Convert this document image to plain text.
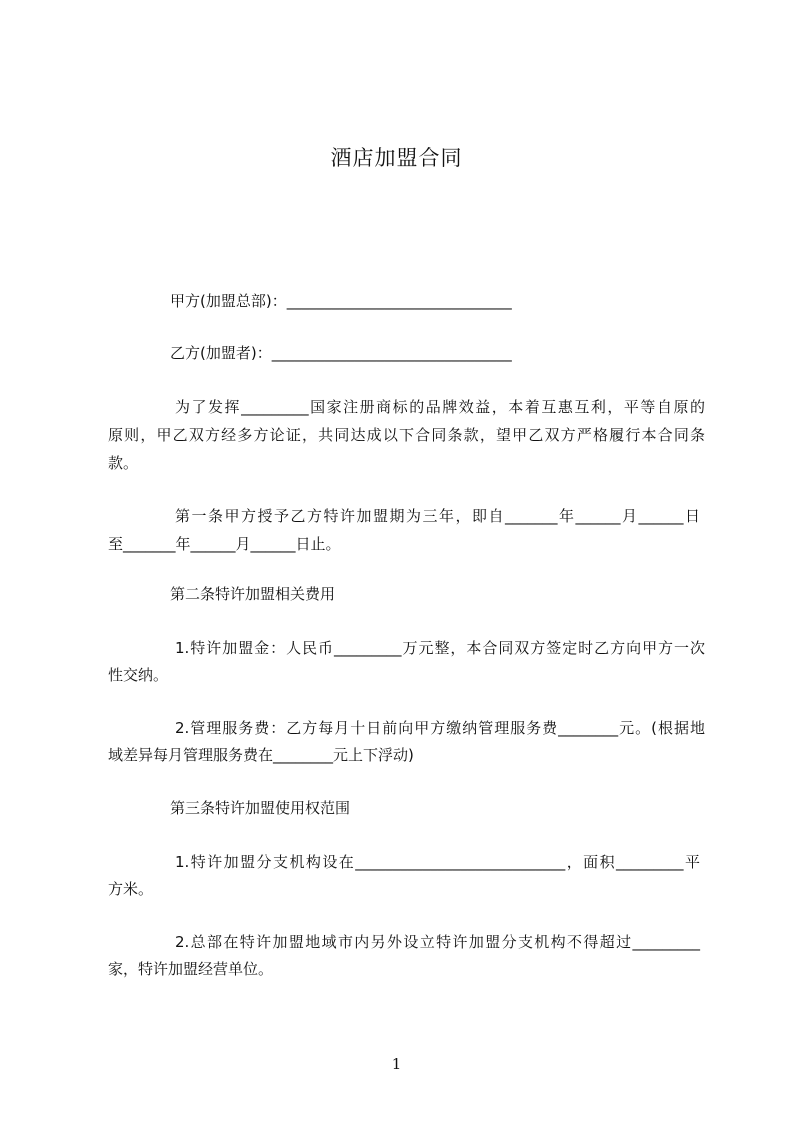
酒店加盟合同
甲方(加盟总部)：______________________________
乙方(加盟者)：________________________________
为了发挥_________国家注册商标的品牌效益，本着互惠互利，平等自原的
原则，甲乙双方经多方论证，共同达成以下合同条款，望甲乙双方严格履行本合同条
款。
第一条甲方授予乙方特许加盟期为三年，即自_______年______月______日
至_______年______月______日止。
第二条特许加盟相关费用
1.特许加盟金：人民币_________万元整，本合同双方签定时乙方向甲方一次
性交纳。
2.管理服务费：乙方每月十日前向甲方缴纳管理服务费________元。(根据地
域差异每月管理服务费在________元上下浮动)
第三条特许加盟使用权范围
1.特许加盟分支机构设在____________________________，面积_________平
方米。
2.总部在特许加盟地域市内另外设立特许加盟分支机构不得超过_________
家，特许加盟经营单位。
1
